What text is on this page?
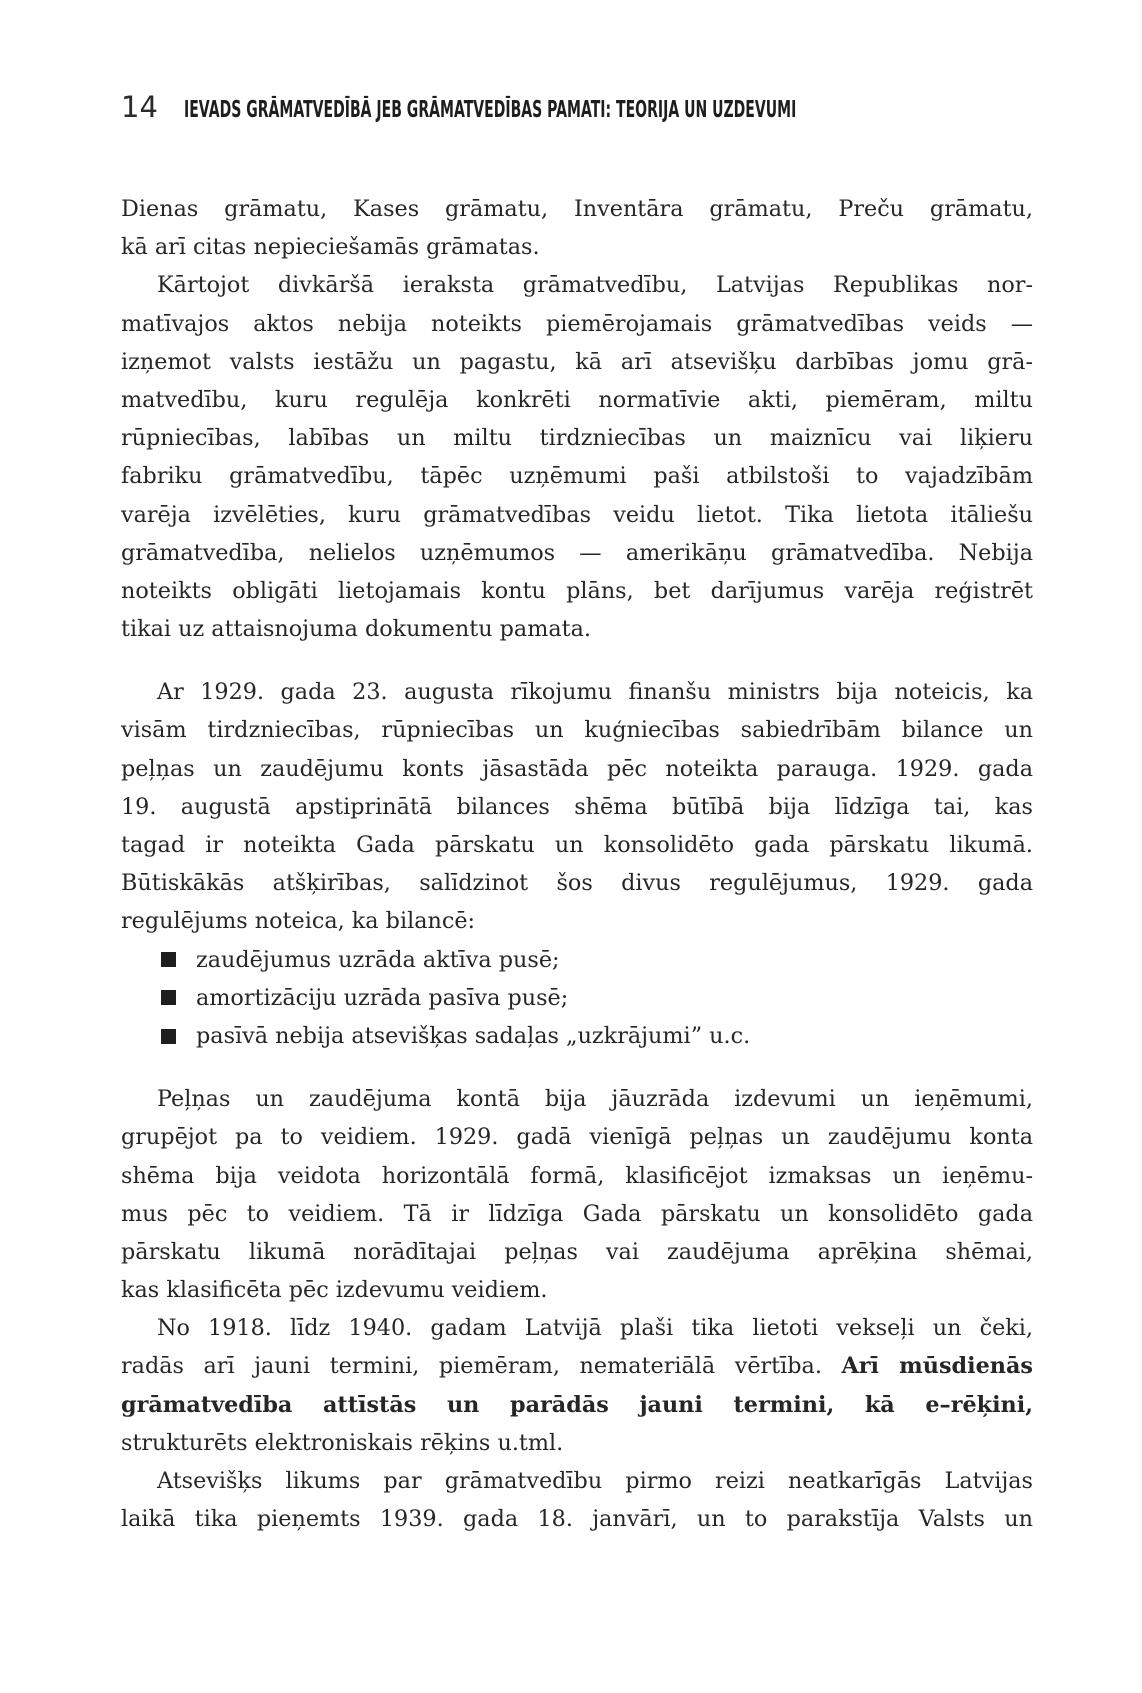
14 IEVADS GRĀMATVEDĪBĀ JEB GRĀMATVEDĪBAS PAMATI: TEORIJA UN UZDEVUMI
Dienas grāmatu, Kases grāmatu, Inventāra grāmatu, Preču grāmatu,
kā arī citas nepieciešamās grāmatas.
Kārtojot divkāršā ieraksta grāmatvedību, Latvijas Republikas nor-
matīvajos aktos nebija noteikts piemērojamais grāmatvedības veids —
izņemot valsts iestāžu un pagastu, kā arī atsevišķu darbības jomu grā-
matvedību, kuru regulēja konkrēti normatīvie akti, piemēram, miltu
rūpniecības, labības un miltu tirdzniecības un maiznīcu vai liķieru
fabriku grāmatvedību, tāpēc uzņēmumi paši atbilstoši to vajadzībām
varēja izvēlēties, kuru grāmatvedības veidu lietot. Tika lietota itāliešu
grāmatvedība, nelielos uzņēmumos — amerikāņu grāmatvedība. Nebija
noteikts obligāti lietojamais kontu plāns, bet darījumus varēja reģistrēt
tikai uz attaisnojuma dokumentu pamata.
Ar 1929. gada 23. augusta rīkojumu finanšu ministrs bija noteicis, ka
visām tirdzniecības, rūpniecības un kuģniecības sabiedrībām bilance un
peļņas un zaudējumu konts jāsastāda pēc noteikta parauga. 1929. gada
19. augustā apstiprinātā bilances shēma būtībā bija līdzīga tai, kas
tagad ir noteikta Gada pārskatu un konsolidēto gada pārskatu likumā.
Būtiskākās atšķirības, salīdzinot šos divus regulējumus, 1929. gada
regulējums noteica, ka bilancē:
zaudējumus uzrāda aktīva pusē;
amortizāciju uzrāda pasīva pusē;
pasīvā nebija atsevišķas sadaļas „uzkrājumi” u.c.
Peļņas un zaudējuma kontā bija jāuzrāda izdevumi un ieņēmumi,
grupējot pa to veidiem. 1929. gadā vienīgā peļņas un zaudējumu konta
shēma bija veidota horizontālā formā, klasificējot izmaksas un ieņēmu-
mus pēc to veidiem. Tā ir līdzīga Gada pārskatu un konsolidēto gada
pārskatu likumā norādītajai peļņas vai zaudējuma aprēķina shēmai,
kas klasificēta pēc izdevumu veidiem.
No 1918. līdz 1940. gadam Latvijā plaši tika lietoti vekseļi un čeki,
radās arī jauni termini, piemēram, nemateriālā vērtība. Arī mūsdienās
grāmatvedība attīstās un parādās jauni termini, kā e–rēķini,
strukturēts elektroniskais rēķins u.tml.
Atsevišķs likums par grāmatvedību pirmo reizi neatkarīgās Latvijas
laikā tika pieņemts 1939. gada 18. janvārī, un to parakstīja Valsts un
